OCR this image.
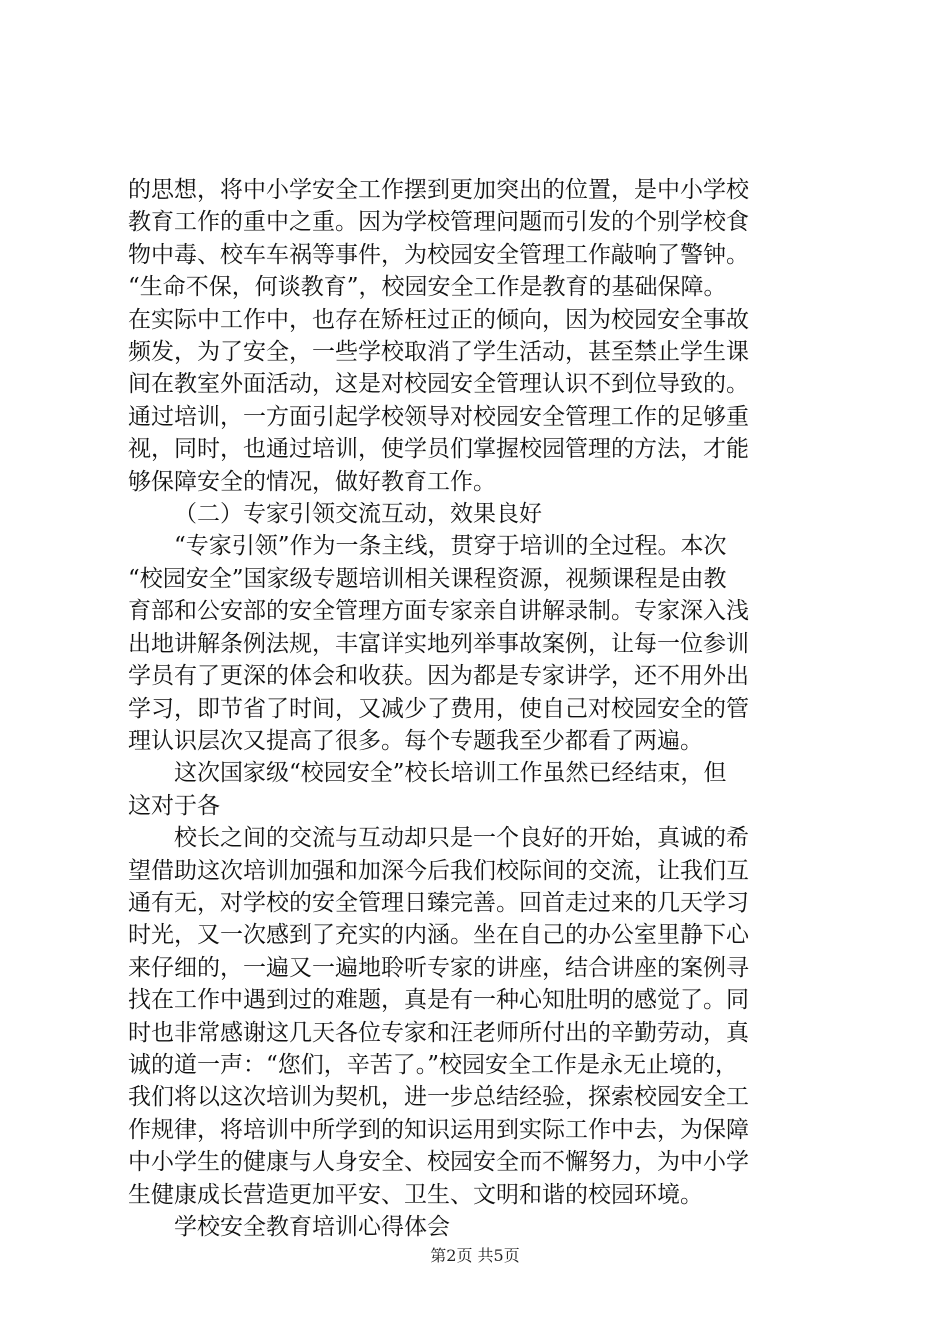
的思想，将中小学安全工作摆到更加突出的位置，是中小学校

教育工作的重中之重。因为学校管理问题而引发的个别学校食

物中毒、校车车祸等事件，为校园安全管理工作敲响了警钟。

“生命不保，何谈教育”，校园安全工作是教育的基础保障。

在实际中工作中，也存在矫枉过正的倾向，因为校园安全事故

频发，为了安全，一些学校取消了学生活动，甚至禁止学生课

间在教室外面活动，这是对校园安全管理认识不到位导致的。

通过培训，一方面引起学校领导对校园安全管理工作的足够重

视，同时，也通过培训，使学员们掌握校园管理的方法，才能

够保障安全的情况，做好教育工作。

（二）专家引领交流互动，效果良好

“专家引领”作为一条主线，贯穿于培训的全过程。本次

“校园安全”国家级专题培训相关课程资源，视频课程是由教

育部和公安部的安全管理方面专家亲自讲解录制。专家深入浅

出地讲解条例法规，丰富详实地列举事故案例，让每一位参训

学员有了更深的体会和收获。因为都是专家讲学，还不用外出

学习，即节省了时间，又减少了费用，使自己对校园安全的管

理认识层次又提高了很多。每个专题我至少都看了两遍。

这次国家级“校园安全”校长培训工作虽然已经结束，但

这对于各

校长之间的交流与互动却只是一个良好的开始，真诚的希

望借助这次培训加强和加深今后我们校际间的交流，让我们互

通有无，对学校的安全管理日臻完善。回首走过来的几天学习

时光，又一次感到了充实的内涵。坐在自己的办公室里静下心

来仔细的，一遍又一遍地聆听专家的讲座，结合讲座的案例寻

找在工作中遇到过的难题，真是有一种心知肚明的感觉了。同

时也非常感谢这几天各位专家和汪老师所付出的辛勤劳动，真

诚的道一声：“您们，辛苦了。”校园安全工作是永无止境的，

我们将以这次培训为契机，进一步总结经验，探索校园安全工

作规律，将培训中所学到的知识运用到实际工作中去，为保障

中小学生的健康与人身安全、校园安全而不懈努力，为中小学

生健康成长营造更加平安、卫生、文明和谐的校园环境。

学校安全教育培训心得体会

第2页 共5页
